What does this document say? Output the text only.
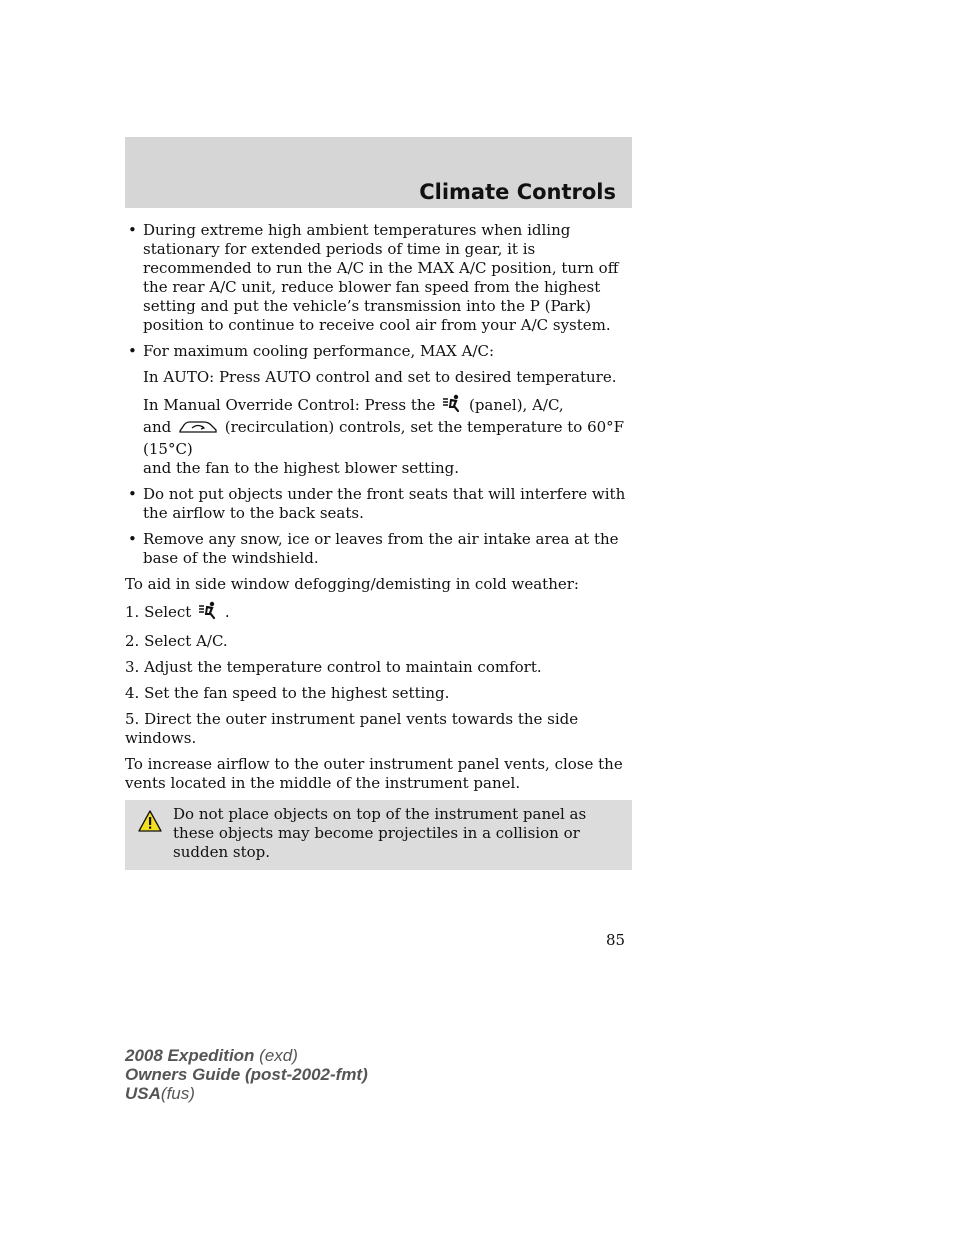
Climate Controls
• During extreme high ambient temperatures when idling stationary for extended periods of time in gear, it is recommended to run the A/C in the MAX A/C position, turn off the rear A/C unit, reduce blower fan speed from the highest setting and put the vehicle’s transmission into the P (Park) position to continue to receive cool air from your A/C system.
• For maximum cooling performance, MAX A/C:
In AUTO: Press AUTO control and set to desired temperature.
In Manual Override Control: Press the (panel), A/C,
and	(recirculation) controls, set the temperature to 60°F (15°C)
and the fan to the highest blower setting.
• Do not put objects under the front seats that will interfere with the airflow to the back seats.
• Remove any snow, ice or leaves from the air intake area at the base of the windshield.
To aid in side window defogging/demisting in cold weather:
1. Select .
2. Select A/C.
3. Adjust the temperature control to maintain comfort.
4. Set the fan speed to the highest setting.
5. Direct the outer instrument panel vents towards the side windows.
To increase airflow to the outer instrument panel vents, close the vents located in the middle of the instrument panel.
Do not place objects on top of the instrument panel as these objects may become projectiles in a collision or sudden stop.
85
2008 Expedition (exd)
Owners Guide (post-2002-fmt)
USA(fus)
